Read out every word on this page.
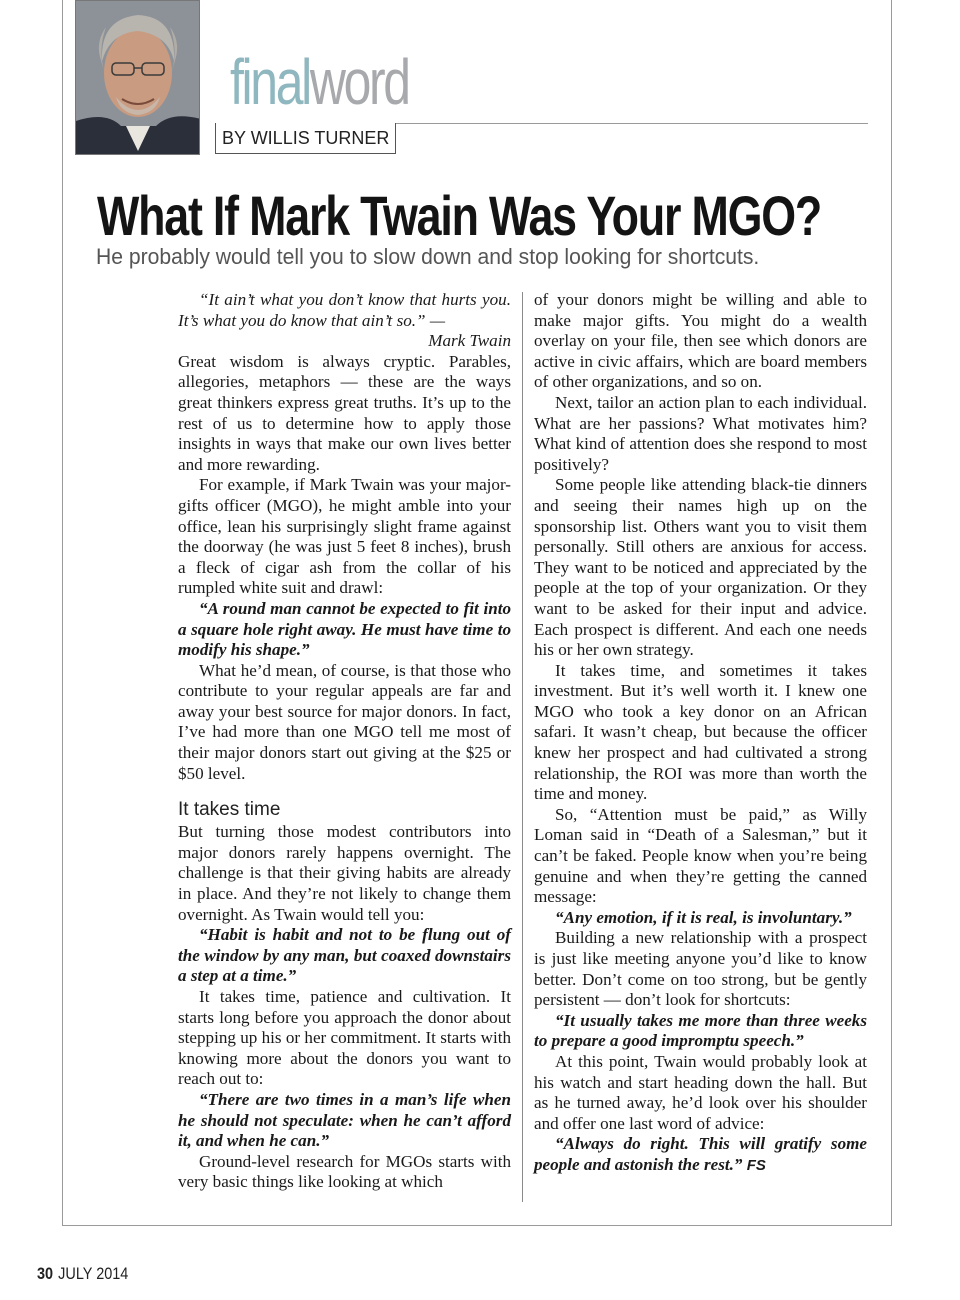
finalword
BY WILLIS TURNER
What If Mark Twain Was Your MGO?
He probably would tell you to slow down and stop looking for shortcuts.

“It ain’t what you don’t know that hurts you. It’s what you do know that ain’t so.” —
Mark Twain

Great wisdom is always cryptic. Parables, allegories, metaphors — these are the ways great thinkers express great truths. It’s up to the rest of us to determine how to apply those insights in ways that make our own lives better and more rewarding.

For example, if Mark Twain was your major-gifts officer (MGO), he might amble into your office, lean his surprisingly slight frame against the doorway (he was just 5 feet 8 inches), brush a fleck of cigar ash from the collar of his rumpled white suit and drawl:

“A round man cannot be expected to fit into a square hole right away. He must have time to modify his shape.”

What he’d mean, of course, is that those who contribute to your regular appeals are far and away your best source for major donors. In fact, I’ve had more than one MGO tell me most of their major donors start out giving at the $25 or $50 level.

It takes time

But turning those modest contributors into major donors rarely happens overnight. The challenge is that their giving habits are already in place. And they’re not likely to change them overnight. As Twain would tell you:

“Habit is habit and not to be flung out of the window by any man, but coaxed downstairs a step at a time.”

It takes time, patience and cultivation. It starts long before you approach the donor about stepping up his or her commitment. It starts with knowing more about the donors you want to reach out to:

“There are two times in a man’s life when he should not speculate: when he can’t afford it, and when he can.”

Ground-level research for MGOs starts with very basic things like looking at which

of your donors might be willing and able to make major gifts. You might do a wealth overlay on your file, then see which donors are active in civic affairs, which are board members of other organizations, and so on.

Next, tailor an action plan to each individual. What are her passions? What motivates him? What kind of attention does she respond to most positively?

Some people like attending black-tie dinners and seeing their names high up on the sponsorship list. Others want you to visit them personally. Still others are anxious for access. They want to be noticed and appreciated by the people at the top of your organization. Or they want to be asked for their input and advice. Each prospect is different. And each one needs his or her own strategy.

It takes time, and sometimes it takes investment. But it’s well worth it. I knew one MGO who took a key donor on an African safari. It wasn’t cheap, but because the officer knew her prospect and had cultivated a strong relationship, the ROI was more than worth the time and money.

So, “Attention must be paid,” as Willy Loman said in “Death of a Salesman,” but it can’t be faked. People know when you’re being genuine and when they’re getting the canned message:

“Any emotion, if it is real, is involuntary.”

Building a new relationship with a prospect is just like meeting anyone you’d like to know better. Don’t come on too strong, but be gently persistent — don’t look for shortcuts:

“It usually takes me more than three weeks to prepare a good impromptu speech.”

At this point, Twain would probably look at his watch and start heading down the hall. But as he turned away, he’d look over his shoulder and offer one last word of advice:

“Always do right. This will gratify some people and astonish the rest.” FS

30 JULY 2014
